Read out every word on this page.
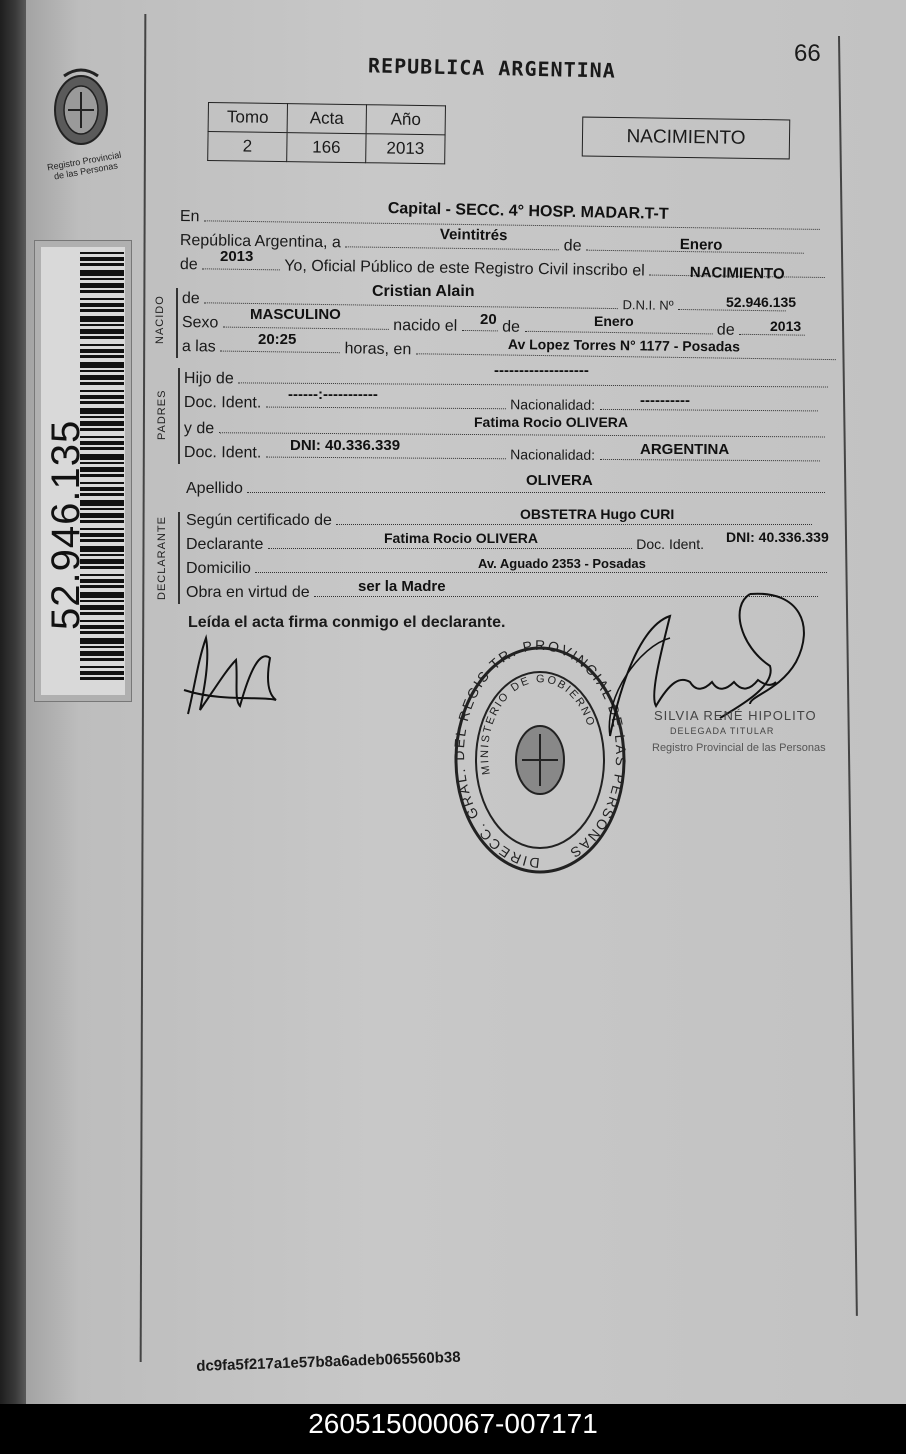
Registro Provincial de las Personas
52.946.135
REPUBLICA ARGENTINA	66
Tomo	Acta	Año
2	166	2013	NACIMIENTO
En	Capital - SECC. 4° HOSP. MADAR.T-T
República Argentina, a	de
Veintitrés
Enero
de	Yo, Oficial Público de este Registro Civil inscribo el
2013
NACIMIENTO
NACIDO de	D.N.I. Nº
Cristian Alain
52.946.135
Sexo	nacido el	de	de
MASCULINO	20	Enero	2013
a las	horas, en
20:25	Av Lopez Torres N° 1177 - Posadas
PADRES
Hijo de	-------------------
Doc. Ident.	Nacionalidad:
------:-----------	----------
y de	Fatima Rocio OLIVERA
Doc. Ident.	Nacionalidad:
DNI: 40.336.339	ARGENTINA
Apellido	OLIVERA
DECLARANTE Según certificado de	OBSTETRA Hugo CURI
Declarante	Doc. Ident.
Fatima Rocio OLIVERA	DNI: 40.336.339
Domicilio	Av. Aguado 2353 - Posadas
Obra en virtud de	ser la Madre
Leída el acta firma conmigo el declarante.
DIRECC. GRAL. DEL REGIS TR. PROVINCIAL DE LAS PERSONAS
MINISTERIO DE GOBIERNO	SILVIA RENÉ HIPOLITO
DELEGADA TITULAR
Registro Provincial de las Personas
dc9fa5f217a1e57b8a6adeb065560b38
260515000067-007171
